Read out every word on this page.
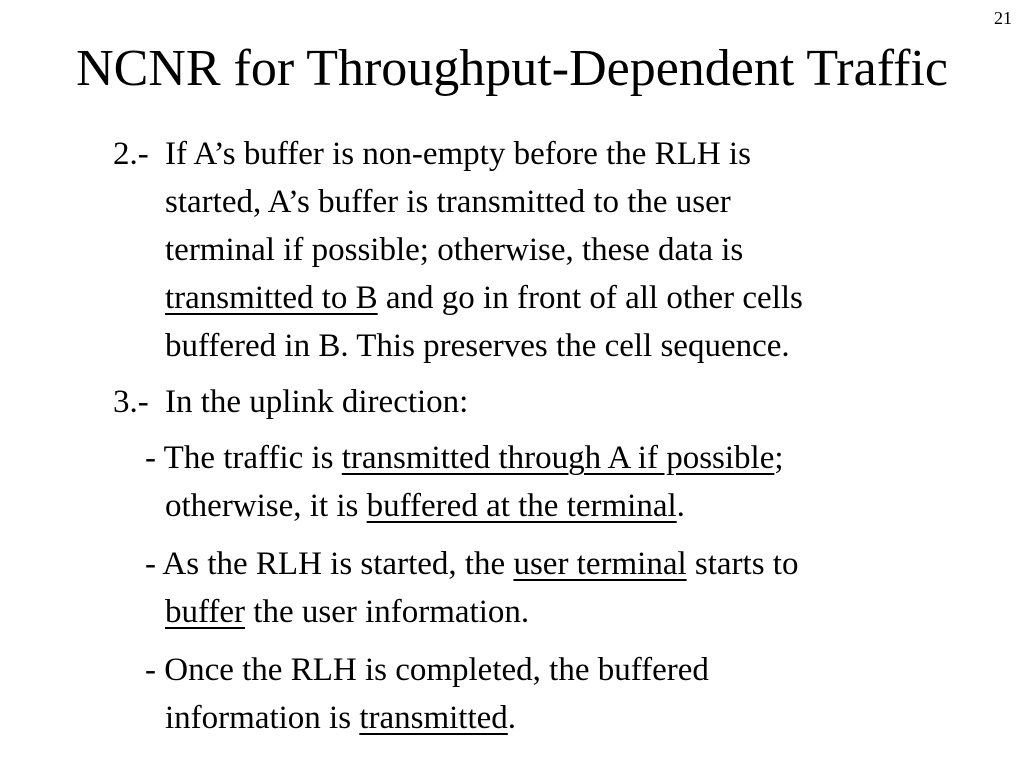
21
NCNR for Throughput-Dependent Traffic
2.- If A’s buffer is non-empty before the RLH is
started, A’s buffer is transmitted to the user
terminal if possible; otherwise, these data is
transmitted to B and go in front of all other cells
buffered in B. This preserves the cell sequence.
3.- In the uplink direction:
- The traffic is transmitted through A if possible;
otherwise, it is buffered at the terminal.
- As the RLH is started, the user terminal starts to
buffer the user information.
- Once the RLH is completed, the buffered
information is transmitted.
